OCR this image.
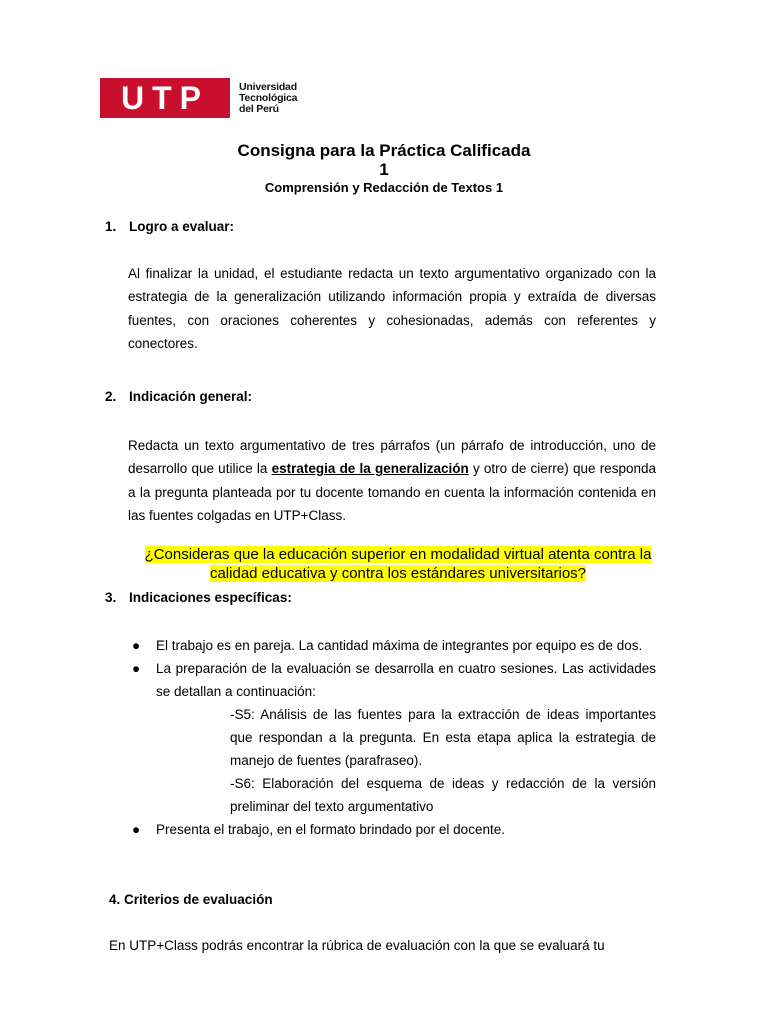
UTP	Universidad
Tecnológica
del Perú
Consigna para la Práctica Calificada
1
Comprensión y Redacción de Textos 1
1. Logro a evaluar:

Al finalizar la unidad, el estudiante redacta un texto argumentativo organizado con la estrategia de la generalización utilizando información propia y extraída de diversas fuentes, con oraciones coherentes y cohesionadas, además con referentes y conectores.

2. Indicación general:

Redacta un texto argumentativo de tres párrafos (un párrafo de introducción, uno de desarrollo que utilice la estrategia de la generalización y otro de cierre) que responda a la pregunta planteada por tu docente tomando en cuenta la información contenida en las fuentes colgadas en UTP+Class.

¿Consideras que la educación superior en modalidad virtual atenta contra la
calidad educativa y contra los estándares universitarios?
3. Indicaciones específicas:
● El trabajo es en pareja. La cantidad máxima de integrantes por equipo es de dos.
● La preparación de la evaluación se desarrolla en cuatro sesiones. Las actividades se detallan a continuación:
-S5: Análisis de las fuentes para la extracción de ideas importantes que respondan a la pregunta. En esta etapa aplica la estrategia de manejo de fuentes (parafraseo).
-S6: Elaboración del esquema de ideas y redacción de la versión preliminar del texto argumentativo
● Presenta el trabajo, en el formato brindado por el docente.
4. Criterios de evaluación
En UTP+Class podrás encontrar la rúbrica de evaluación con la que se evaluará tu
